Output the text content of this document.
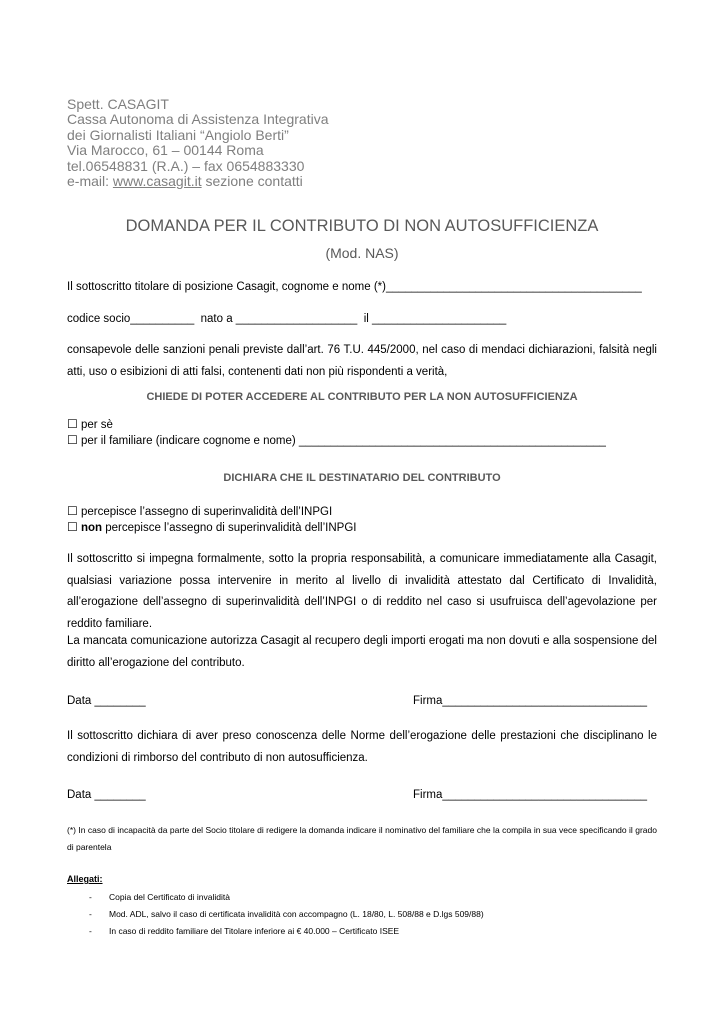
Spett. CASAGIT
Cassa Autonoma di Assistenza Integrativa
dei Giornalisti Italiani “Angiolo Berti”
Via Marocco, 61 – 00144 Roma
tel.06548831 (R.A.) – fax 0654883330
e-mail: www.casagit.it sezione contatti
DOMANDA PER IL CONTRIBUTO DI NON AUTOSUFFICIENZA
(Mod. NAS)
Il sottoscritto titolare di posizione Casagit, cognome e nome (*)________________________________________
codice socio__________  nato a ___________________  il _____________________
consapevole delle sanzioni penali previste dall’art. 76 T.U. 445/2000, nel caso di mendaci dichiarazioni, falsità negli atti, uso o esibizioni di atti falsi, contenenti dati non più rispondenti a verità,
CHIEDE DI POTER ACCEDERE AL CONTRIBUTO PER LA NON AUTOSUFFICIENZA
☐ per sè
☐ per il familiare (indicare cognome e nome) ________________________________________________
DICHIARA CHE IL DESTINATARIO DEL CONTRIBUTO
☐ percepisce l’assegno di superinvalidità dell’INPGI
☐ non percepisce l’assegno di superinvalidità dell’INPGI
Il sottoscritto si impegna formalmente, sotto la propria responsabilità, a comunicare immediatamente alla Casagit, qualsiasi variazione possa intervenire in merito al livello di invalidità attestato dal Certificato di Invalidità, all’erogazione dell’assegno di superinvalidità dell’INPGI o di reddito nel caso si usufruisca dell’agevolazione per reddito familiare.
La mancata comunicazione autorizza Casagit al recupero degli importi erogati ma non dovuti e alla sospensione del diritto all’erogazione del contributo.
Data ________	Firma________________________________
Il sottoscritto dichiara di aver preso conoscenza delle Norme dell’erogazione delle prestazioni che disciplinano le condizioni di rimborso del contributo di non autosufficienza.
Data ________	Firma________________________________
(*) In caso di incapacità da parte del Socio titolare di redigere la domanda indicare il nominativo del familiare che la compila in sua vece specificando il grado di parentela
Allegati:
- Copia del Certificato di invalidità
- Mod. ADL, salvo il caso di certificata invalidità con accompagno (L. 18/80, L. 508/88 e D.lgs 509/88)
- In caso di reddito familiare del Titolare inferiore ai € 40.000 – Certificato ISEE
